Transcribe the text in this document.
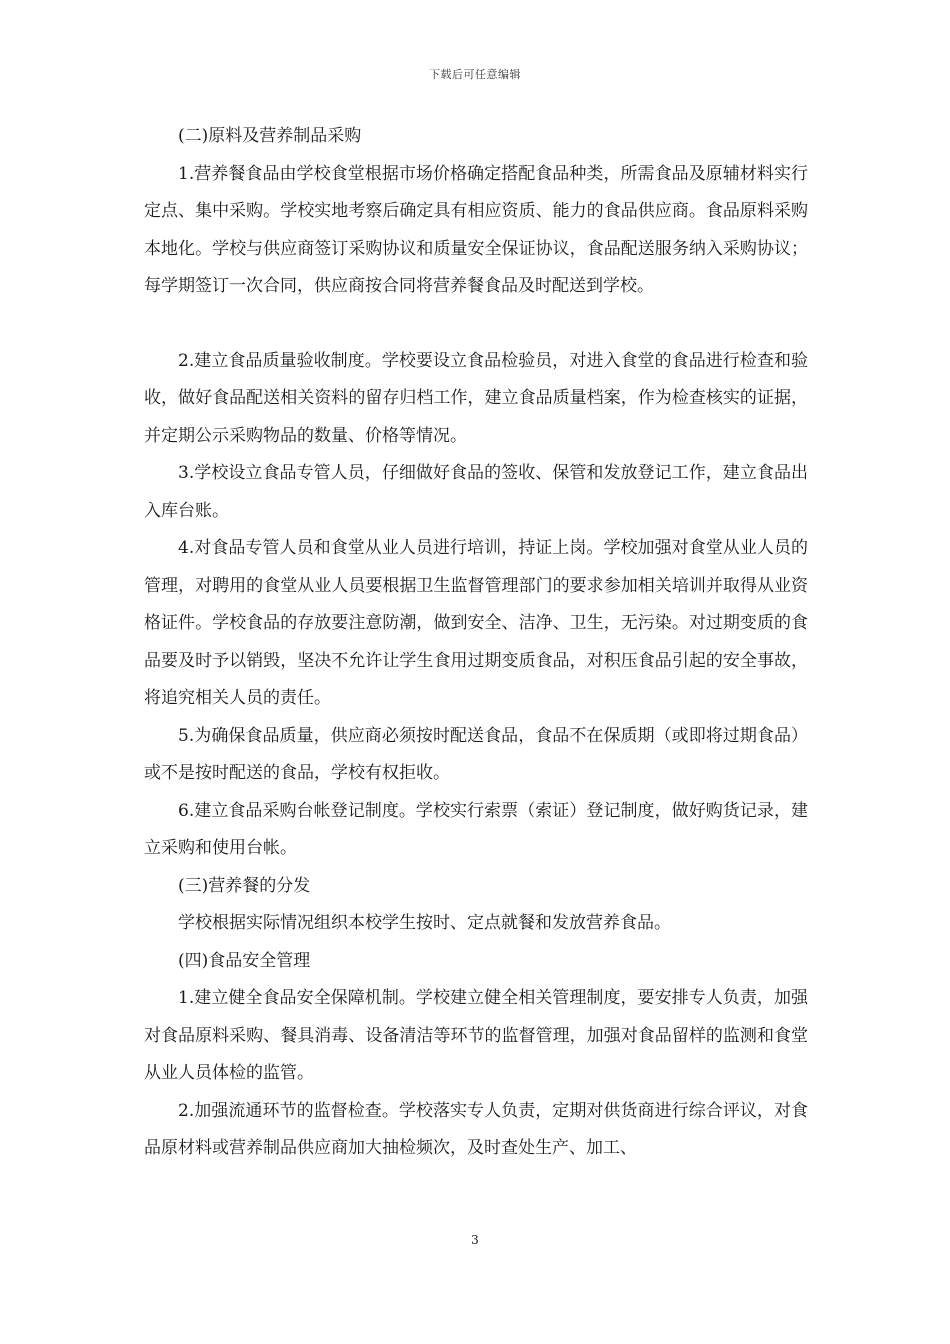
下载后可任意编辑

(二)原料及营养制品采购

1.营养餐食品由学校食堂根据市场价格确定搭配食品种类，所需食品及原辅材料实行定点、集中采购。学校实地考察后确定具有相应资质、能力的食品供应商。食品原料采购本地化。学校与供应商签订采购协议和质量安全保证协议，食品配送服务纳入采购协议；每学期签订一次合同，供应商按合同将营养餐食品及时配送到学校。

2.建立食品质量验收制度。学校要设立食品检验员，对进入食堂的食品进行检查和验收，做好食品配送相关资料的留存归档工作，建立食品质量档案，作为检查核实的证据，并定期公示采购物品的数量、价格等情况。

3.学校设立食品专管人员，仔细做好食品的签收、保管和发放登记工作，建立食品出入库台账。

4.对食品专管人员和食堂从业人员进行培训，持证上岗。学校加强对食堂从业人员的管理，对聘用的食堂从业人员要根据卫生监督管理部门的要求参加相关培训并取得从业资格证件。学校食品的存放要注意防潮，做到安全、洁净、卫生，无污染。对过期变质的食品要及时予以销毁，坚决不允许让学生食用过期变质食品，对积压食品引起的安全事故，将追究相关人员的责任。

5.为确保食品质量，供应商必须按时配送食品，食品不在保质期（或即将过期食品）或不是按时配送的食品，学校有权拒收。

6.建立食品采购台帐登记制度。学校实行索票（索证）登记制度，做好购货记录，建立采购和使用台帐。

(三)营养餐的分发

学校根据实际情况组织本校学生按时、定点就餐和发放营养食品。

(四)食品安全管理

1.建立健全食品安全保障机制。学校建立健全相关管理制度，要安排专人负责，加强对食品原料采购、餐具消毒、设备清洁等环节的监督管理，加强对食品留样的监测和食堂从业人员体检的监管。

2.加强流通环节的监督检查。学校落实专人负责，定期对供货商进行综合评议，对食品原材料或营养制品供应商加大抽检频次，及时查处生产、加工、

3
